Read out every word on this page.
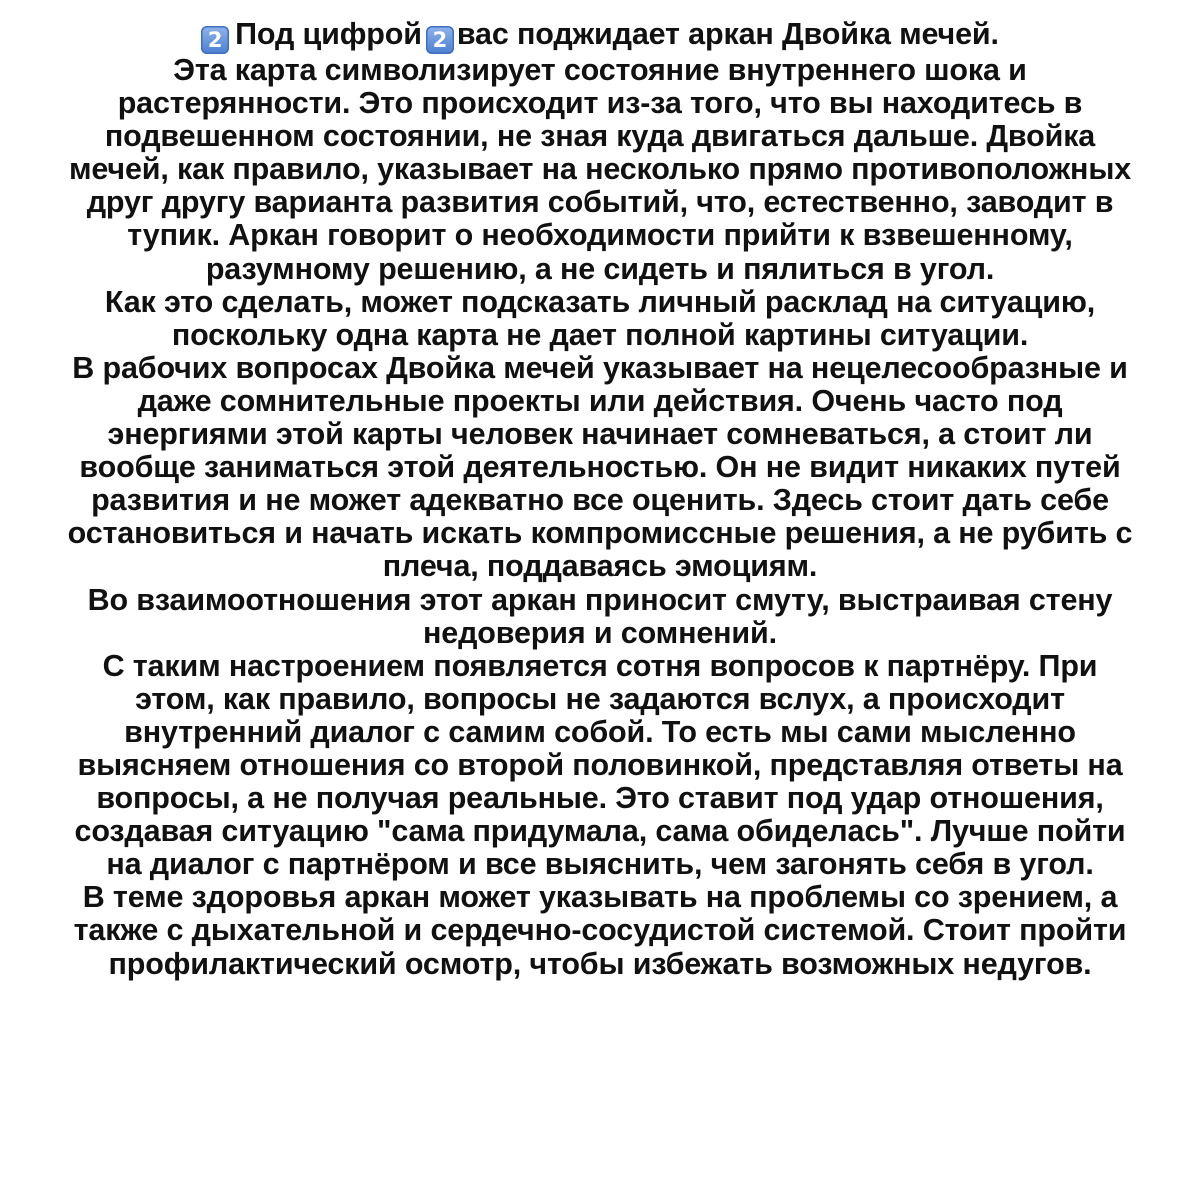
2 Под цифрой 2 вас поджидает аркан Двойка мечей.
Эта карта символизирует состояние внутреннего шока и растерянности. Это происходит из-за того, что вы находитесь в подвешенном состоянии, не зная куда двигаться дальше. Двойка мечей, как правило, указывает на несколько прямо противоположных друг другу варианта развития событий, что, естественно, заводит в тупик. Аркан говорит о необходимости прийти к взвешенному, разумному решению, а не сидеть и пялиться в угол.

Как это сделать, может подсказать личный расклад на ситуацию, поскольку одна карта не дает полной картины ситуации.

В рабочих вопросах Двойка мечей указывает на нецелесообразные и даже сомнительные проекты или действия. Очень часто под энергиями этой карты человек начинает сомневаться, а стоит ли вообще заниматься этой деятельностью. Он не видит никаких путей развития и не может адекватно все оценить. Здесь стоит дать себе остановиться и начать искать компромиссные решения, а не рубить с плеча, поддаваясь эмоциям.

Во взаимоотношения этот аркан приносит смуту, выстраивая стену недоверия и сомнений.

С таким настроением появляется сотня вопросов к партнёру. При этом, как правило, вопросы не задаются вслух, а происходит внутренний диалог с самим собой. То есть мы сами мысленно выясняем отношения со второй половинкой, представляя ответы на вопросы, а не получая реальные. Это ставит под удар отношения, создавая ситуацию "сама придумала, сама обиделась". Лучше пойти на диалог с партнёром и все выяснить, чем загонять себя в угол.

В теме здоровья аркан может указывать на проблемы со зрением, а также с дыхательной и сердечно-сосудистой системой. Стоит пройти профилактический осмотр, чтобы избежать возможных недугов.
